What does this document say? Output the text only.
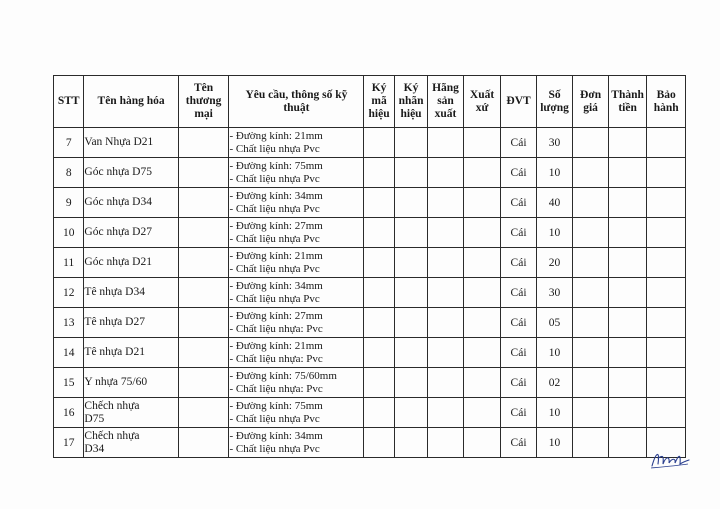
STT	Tên hàng hóa	Tên
thương
mại	Yêu cầu, thông số kỹ
thuật	Ký
mã
hiệu	Ký
nhãn
hiệu	Hãng
sản
xuất	Xuất
xứ	ĐVT	Số
lượng	Đơn
giá	Thành
tiền	Bảo
hành

7	Van Nhựa D21		- Đường kính: 21mm
- Chất liệu nhựa Pvc					Cái	30			
8	Góc nhựa D75		- Đường kính: 75mm
- Chất liệu nhựa Pvc					Cái	10			
9	Góc nhựa D34		- Đường kính: 34mm
- Chất liệu nhựa Pvc					Cái	40			
10	Góc nhựa D27		- Đường kính: 27mm
- Chất liệu nhựa Pvc					Cái	10			
11	Góc nhựa D21		- Đường kính: 21mm
- Chất liệu nhựa Pvc					Cái	20			
12	Tê nhựa D34		- Đường kính: 34mm
- Chất liệu nhựa Pvc					Cái	30			
13	Tê nhựa D27		- Đường kính: 27mm
- Chất liệu nhựa: Pvc					Cái	05			
14	Tê nhựa D21		- Đường kính: 21mm
- Chất liệu nhựa: Pvc					Cái	10			
15	Y nhựa 75/60		- Đường kính: 75/60mm
- Chất liệu nhựa: Pvc					Cái	02			
16	Chếch nhựa
D75		- Đường kính: 75mm
- Chất liệu nhựa Pvc					Cái	10			
17	Chếch nhựa
D34		- Đường kính: 34mm
- Chất liệu nhựa Pvc					Cái	10			
